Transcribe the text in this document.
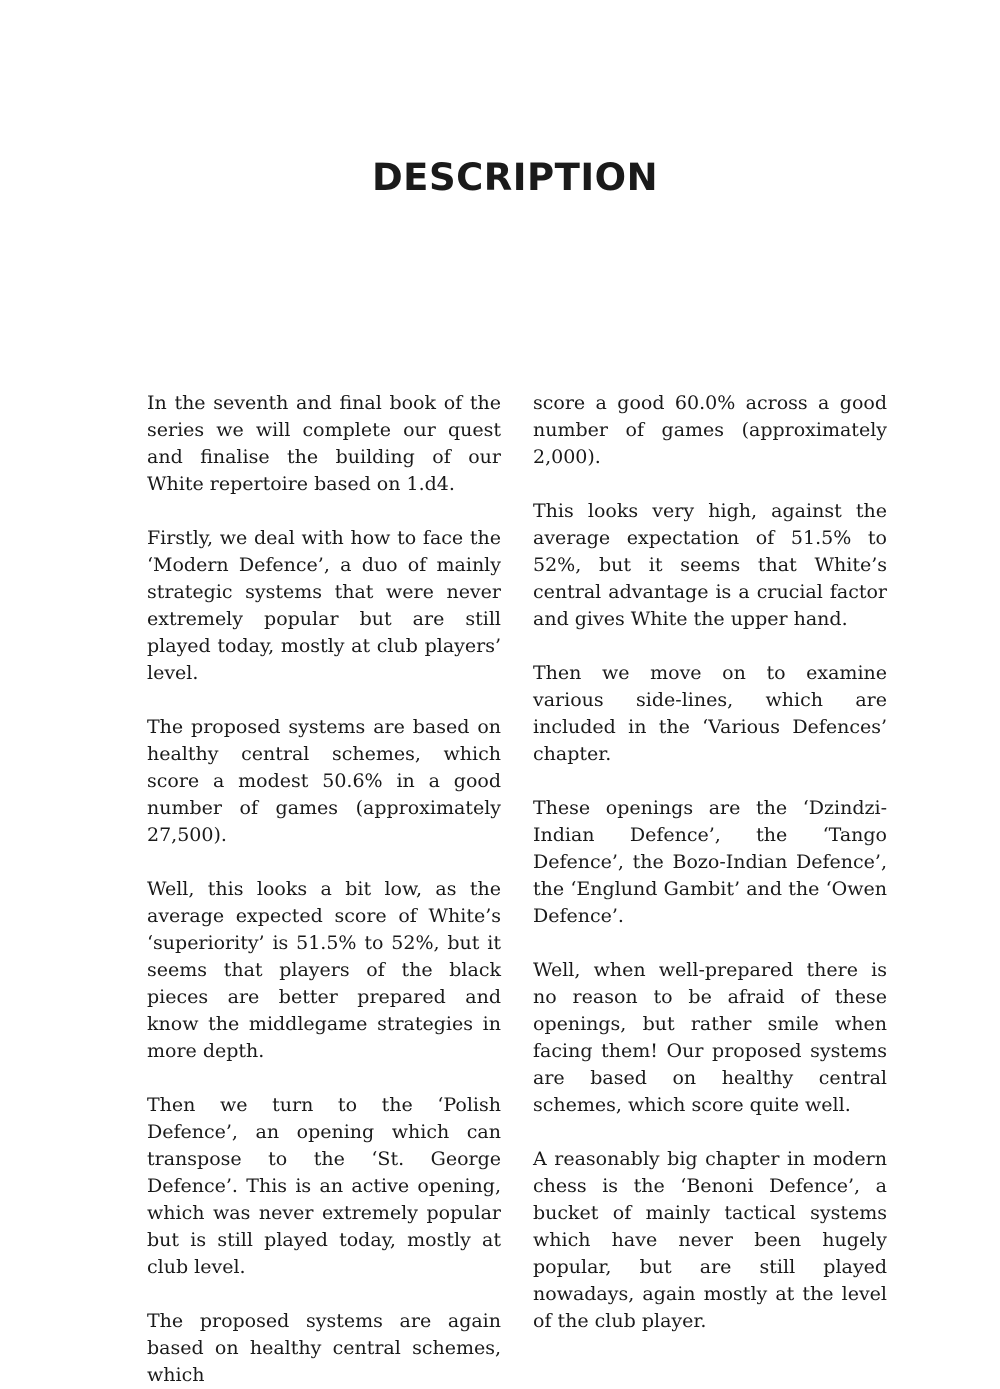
DESCRIPTION

In the seventh and final book of the series we will complete our quest and finalise the building of our White repertoire based on 1.d4.

Firstly, we deal with how to face the ‘Modern Defence’, a duo of mainly strategic systems that were never extremely popular but are still played today, mostly at club players’ level.

The proposed systems are based on healthy central schemes, which score a modest 50.6% in a good number of games (approximately 27,500).

Well, this looks a bit low, as the average expected score of White’s ‘superiority’ is 51.5% to 52%, but it seems that players of the black pieces are better prepared and know the middlegame strategies in more depth.

Then we turn to the ‘Polish Defence’, an opening which can transpose to the ‘St. George Defence’. This is an active opening, which was never extremely popular but is still played today, mostly at club level.

The proposed systems are again based on healthy central schemes, which

score a good 60.0% across a good number of games (approximately 2,000).

This looks very high, against the average expectation of 51.5% to 52%, but it seems that White’s central advantage is a crucial factor and gives White the upper hand.

Then we move on to examine various side-lines, which are included in the ‘Various Defences’ chapter.

These openings are the ‘Dzindzi-Indian Defence’, the ‘Tango Defence’, the Bozo-Indian Defence’, the ‘Englund Gambit’ and the ‘Owen Defence’.

Well, when well-prepared there is no reason to be afraid of these openings, but rather smile when facing them! Our proposed systems are based on healthy central schemes, which score quite well.

A reasonably big chapter in modern chess is the ‘Benoni Defence’, a bucket of mainly tactical systems which have never been hugely popular, but are still played nowadays, again mostly at the level of the club player.
